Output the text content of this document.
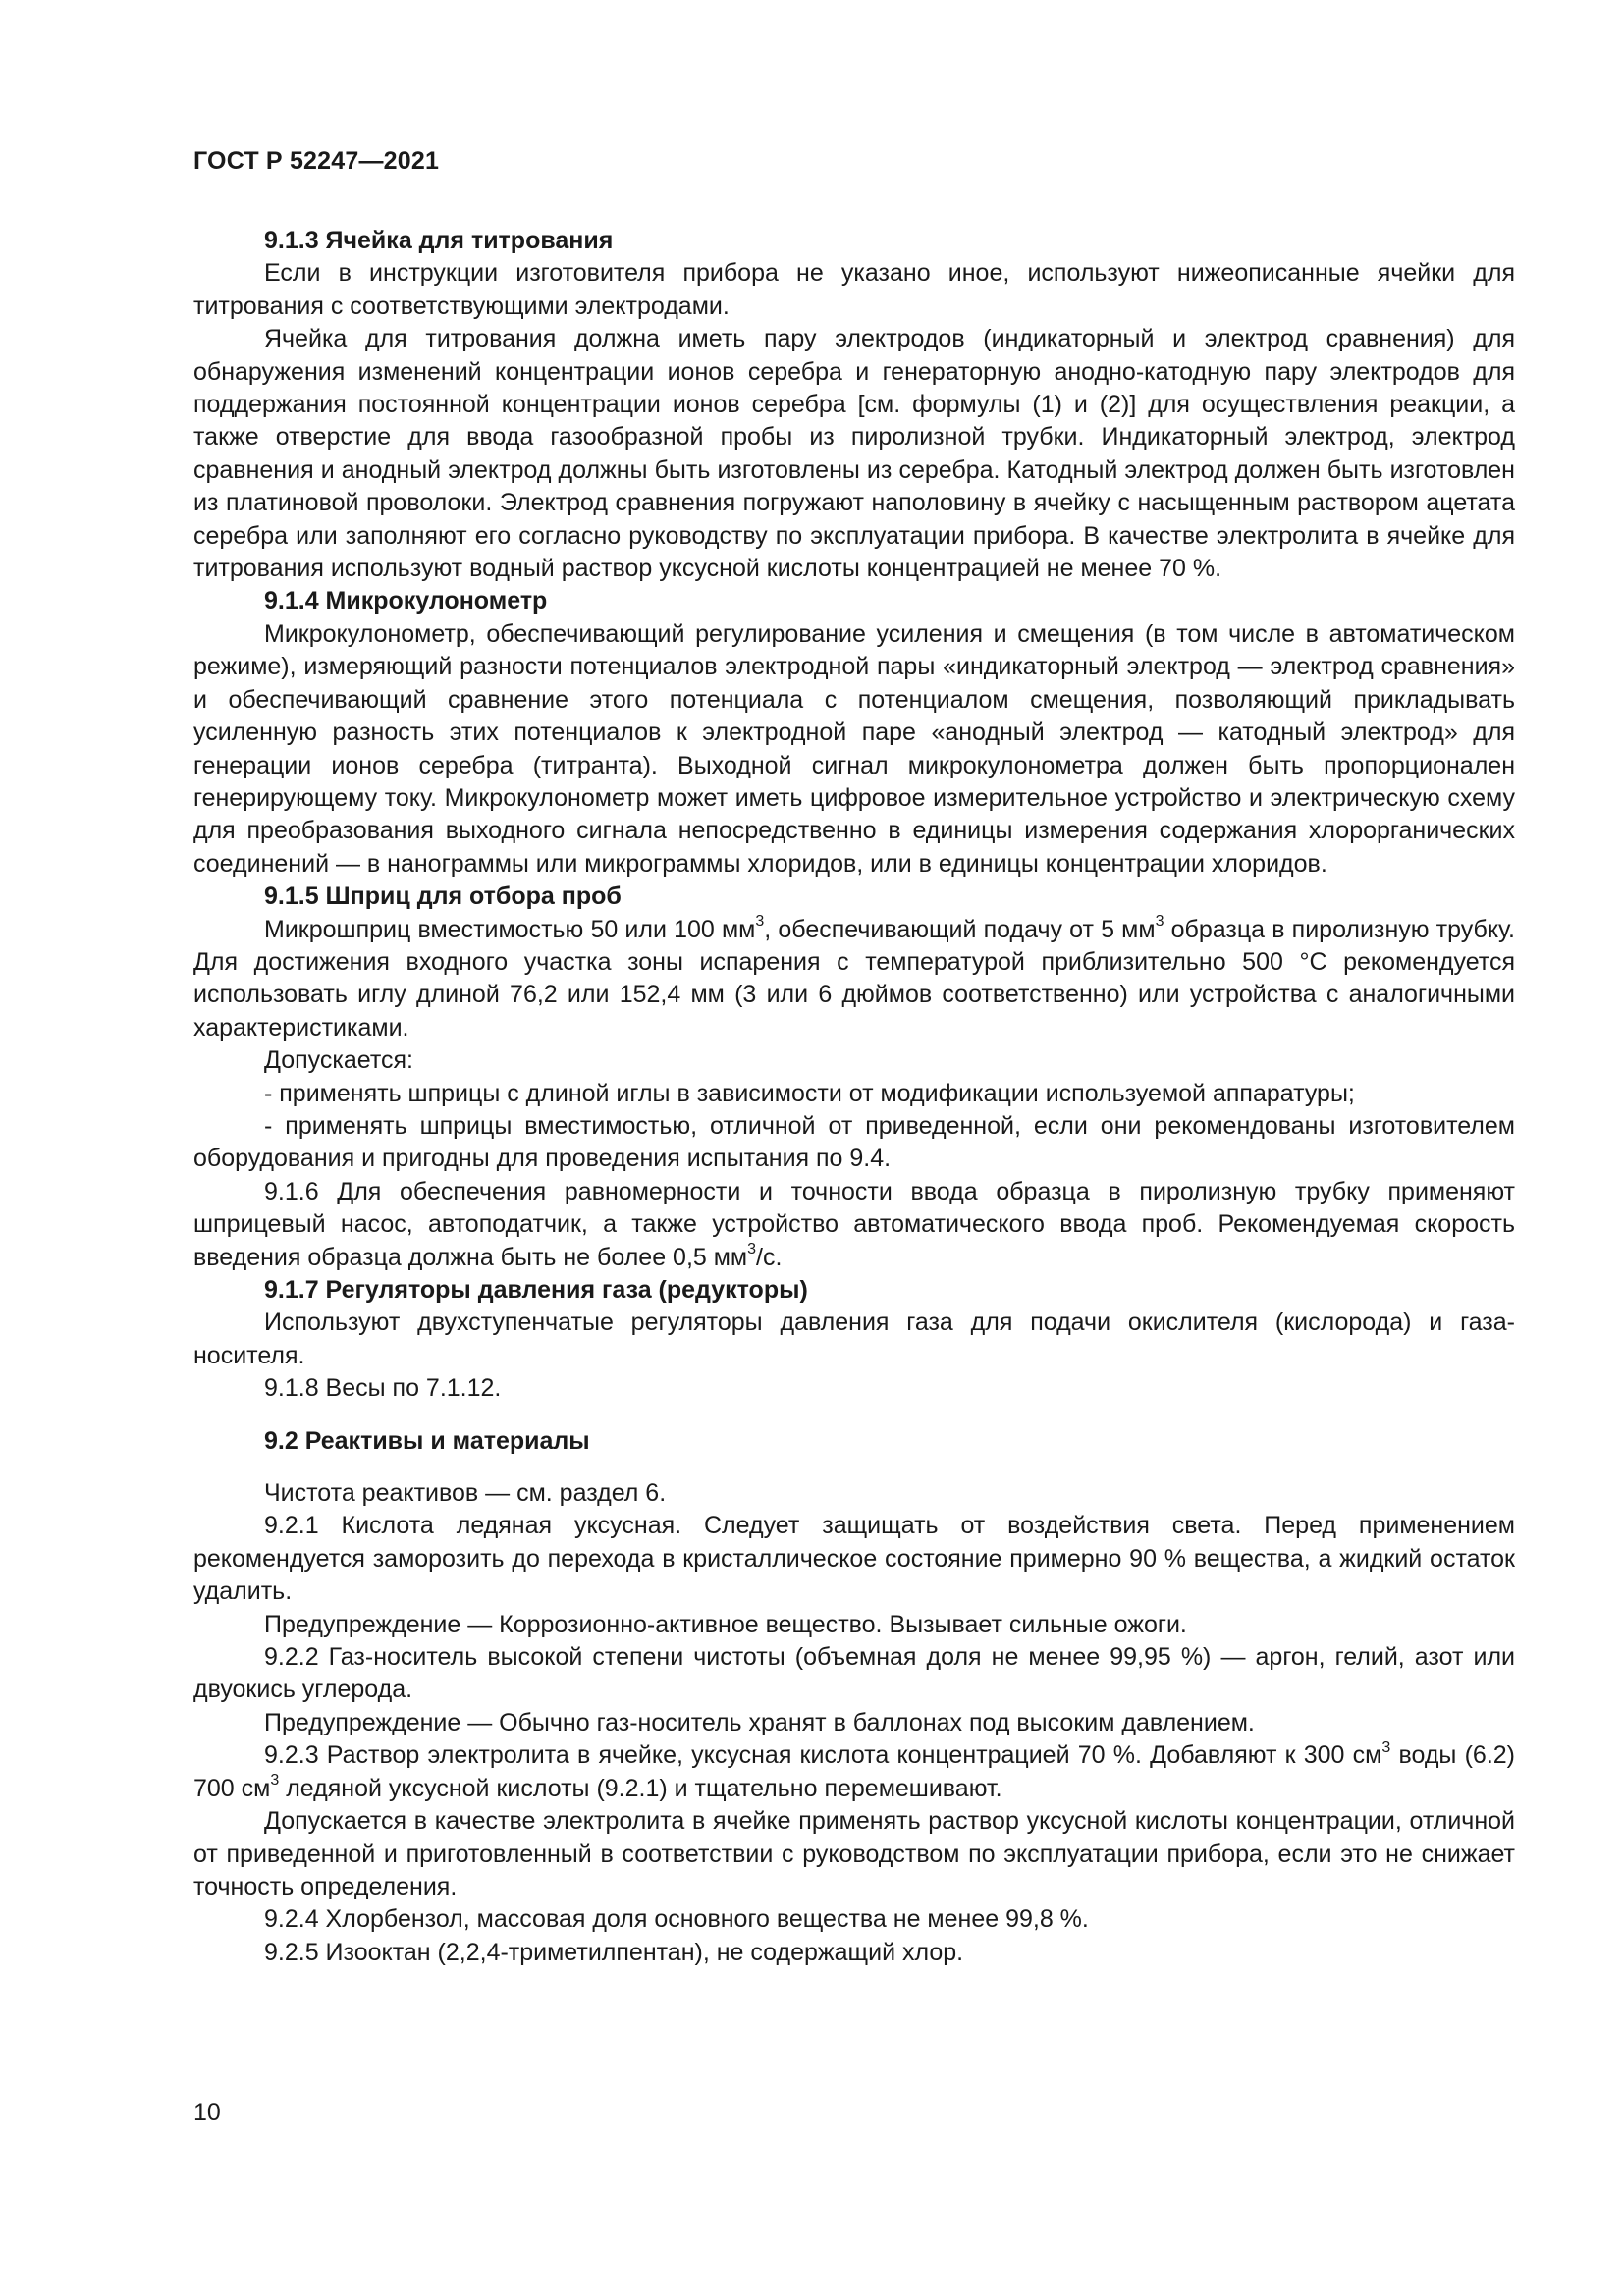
ГОСТ Р 52247—2021
9.1.3 Ячейка для титрования
Если в инструкции изготовителя прибора не указано иное, используют нижеописанные ячейки для титрования с соответствующими электродами.
Ячейка для титрования должна иметь пару электродов (индикаторный и электрод сравнения) для обнаружения изменений концентрации ионов серебра и генераторную анодно-катодную пару электродов для поддержания постоянной концентрации ионов серебра [см. формулы (1) и (2)] для осуществления реакции, а также отверстие для ввода газообразной пробы из пиролизной трубки. Индикаторный электрод, электрод сравнения и анодный электрод должны быть изготовлены из серебра. Катодный электрод должен быть изготовлен из платиновой проволоки. Электрод сравнения погружают наполовину в ячейку с насыщенным раствором ацетата серебра или заполняют его согласно руководству по эксплуатации прибора. В качестве электролита в ячейке для титрования используют водный раствор уксусной кислоты концентрацией не менее 70 %.
9.1.4 Микрокулонометр
Микрокулонометр, обеспечивающий регулирование усиления и смещения (в том числе в автоматическом режиме), измеряющий разности потенциалов электродной пары «индикаторный электрод — электрод сравнения» и обеспечивающий сравнение этого потенциала с потенциалом смещения, позволяющий прикладывать усиленную разность этих потенциалов к электродной паре «анодный электрод — катодный электрод» для генерации ионов серебра (титранта). Выходной сигнал микрокулонометра должен быть пропорционален генерирующему току. Микрокулонометр может иметь цифровое измерительное устройство и электрическую схему для преобразования выходного сигнала непосредственно в единицы измерения содержания хлорорганических соединений — в нанограммы или микрограммы хлоридов, или в единицы концентрации хлоридов.
9.1.5 Шприц для отбора проб
Микрошприц вместимостью 50 или 100 $мм^3$, обеспечивающий подачу от 5 $мм^3$ образца в пиролизную трубку. Для достижения входного участка зоны испарения с температурой приблизительно 500 °С рекомендуется использовать иглу длиной 76,2 или 152,4 мм (3 или 6 дюймов соответственно) или устройства с аналогичными характеристиками.
Допускается:
- применять шприцы с длиной иглы в зависимости от модификации используемой аппаратуры;
- применять шприцы вместимостью, отличной от приведенной, если они рекомендованы изготовителем оборудования и пригодны для проведения испытания по 9.4.
9.1.6 Для обеспечения равномерности и точности ввода образца в пиролизную трубку применяют шприцевый насос, автоподатчик, а также устройство автоматического ввода проб. Рекомендуемая скорость введения образца должна быть не более 0,5 $мм^3/с$.
9.1.7 Регуляторы давления газа (редукторы)
Используют двухступенчатые регуляторы давления газа для подачи окислителя (кислорода) и газа-носителя.
9.1.8 Весы по 7.1.12.
9.2 Реактивы и материалы
Чистота реактивов — см. раздел 6.
9.2.1 Кислота ледяная уксусная. Следует защищать от воздействия света. Перед применением рекомендуется заморозить до перехода в кристаллическое состояние примерно 90 % вещества, а жидкий остаток удалить.
Предупреждение — Коррозионно-активное вещество. Вызывает сильные ожоги.
9.2.2 Газ-носитель высокой степени чистоты (объемная доля не менее 99,95 %) — аргон, гелий, азот или двуокись углерода.
Предупреждение — Обычно газ-носитель хранят в баллонах под высоким давлением.
9.2.3 Раствор электролита в ячейке, уксусная кислота концентрацией 70 %. Добавляют к 300 $см^3$ воды (6.2) 700 $см^3$ ледяной уксусной кислоты (9.2.1) и тщательно перемешивают.
Допускается в качестве электролита в ячейке применять раствор уксусной кислоты концентрации, отличной от приведенной и приготовленный в соответствии с руководством по эксплуатации прибора, если это не снижает точность определения.
9.2.4 Хлорбензол, массовая доля основного вещества не менее 99,8 %.
9.2.5 Изооктан (2,2,4-триметилпентан), не содержащий хлор.
10
